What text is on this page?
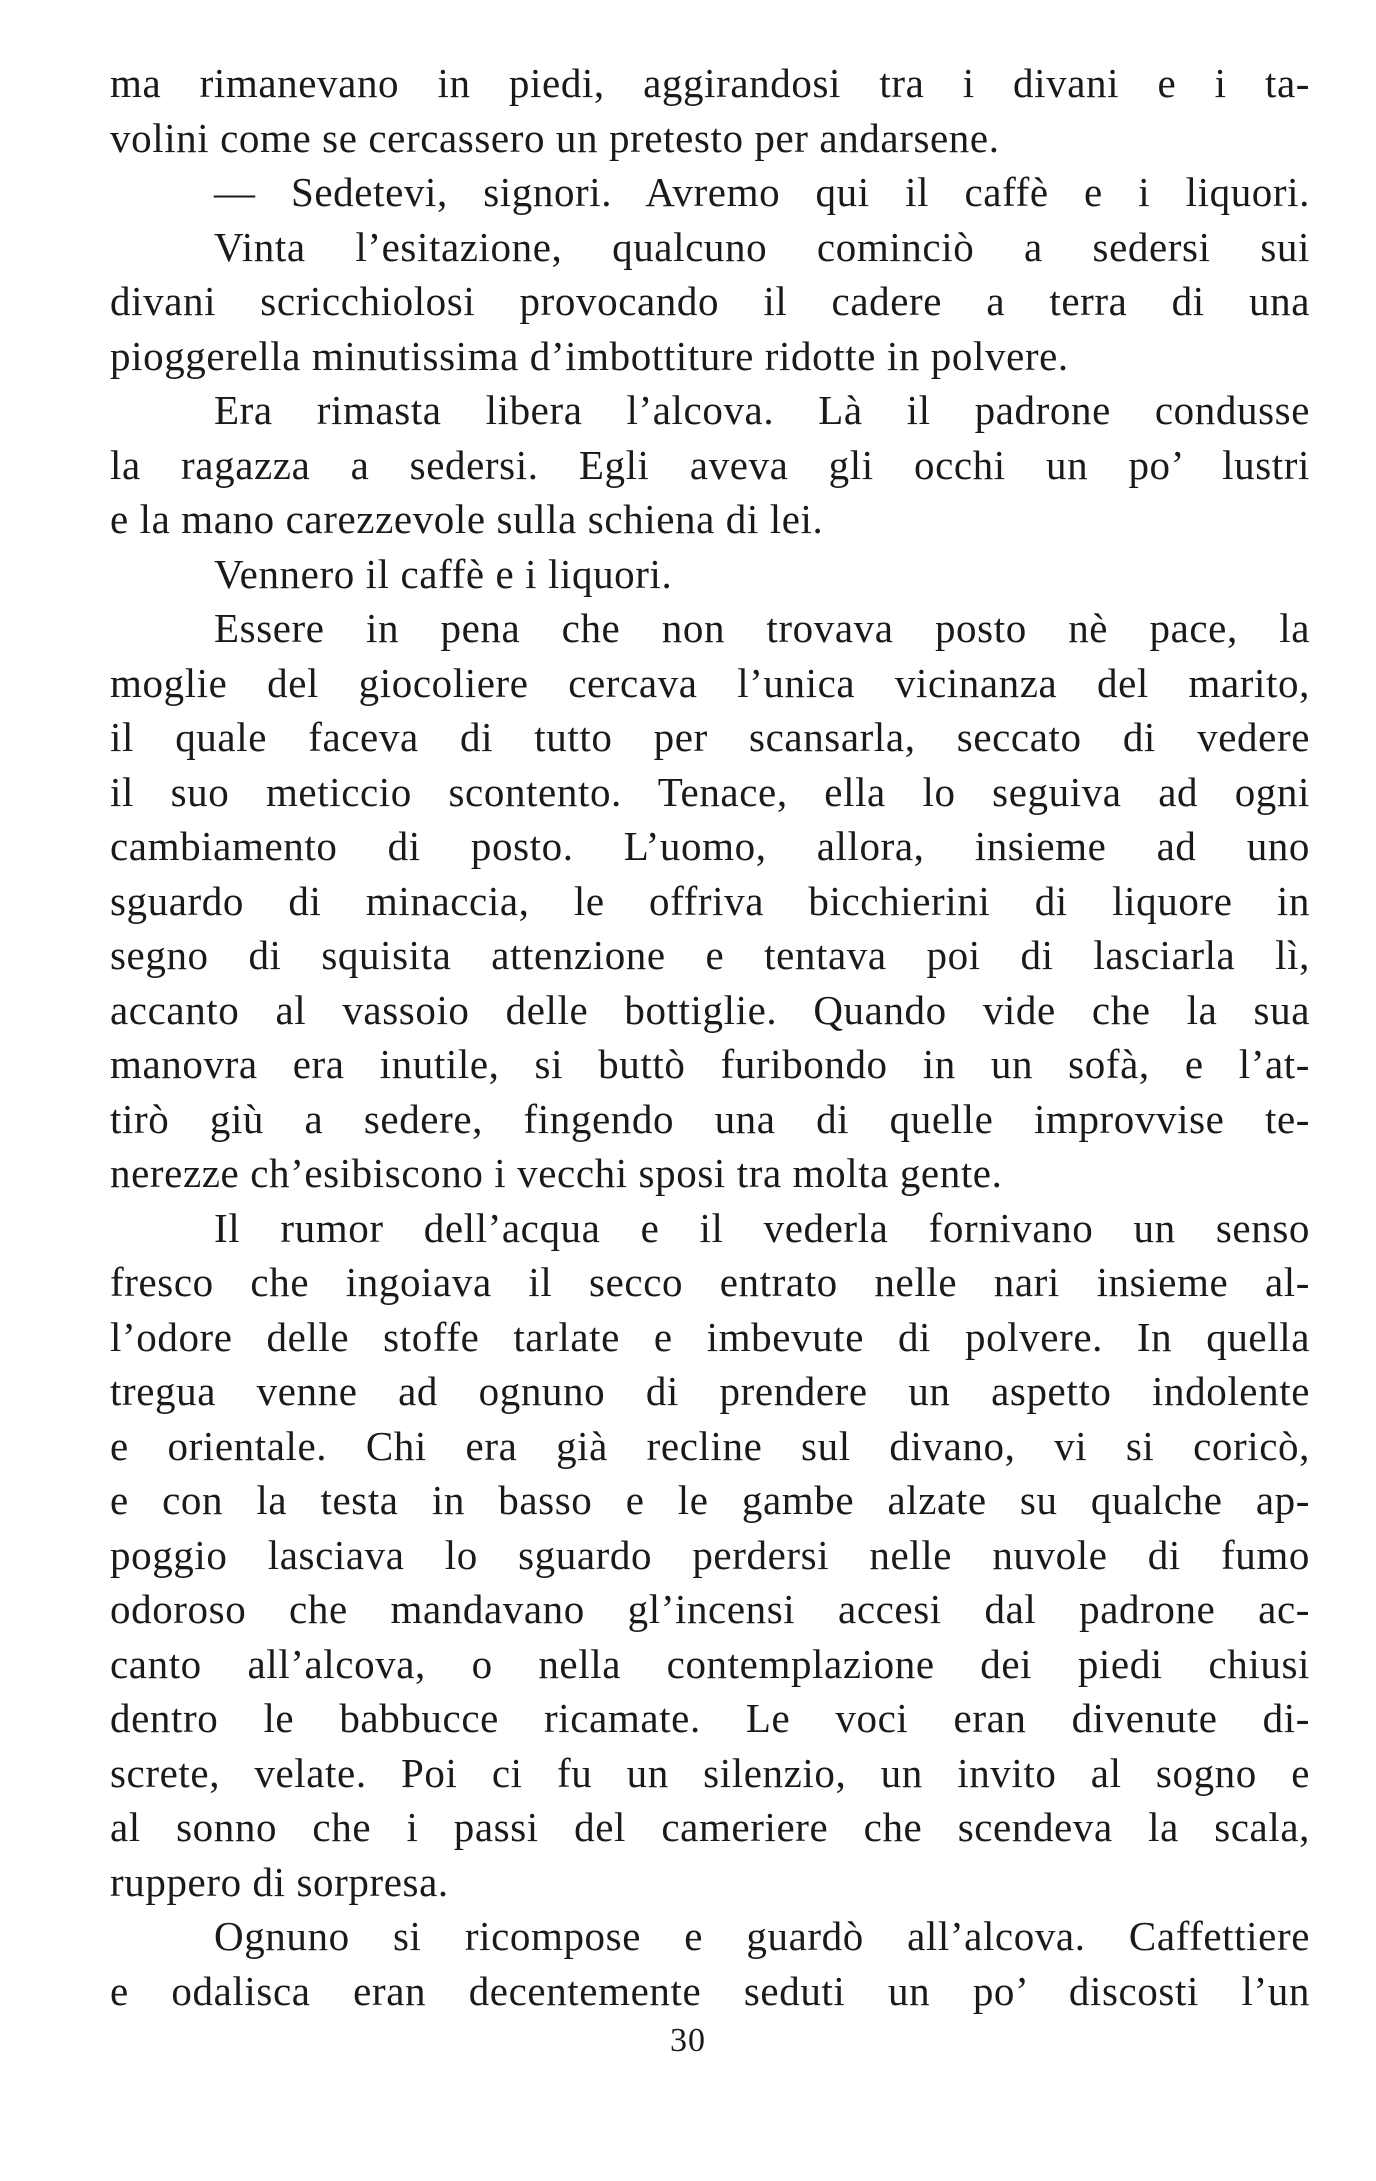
ma rimanevano in piedi, aggirandosi tra i divani e i ta-
volini come se cercassero un pretesto per andarsene.
— Sedetevi, signori. Avremo qui il caffè e i liquori.
Vinta l’esitazione, qualcuno cominciò a sedersi sui
divani scricchiolosi provocando il cadere a terra di una
pioggerella minutissima d’imbottiture ridotte in polvere.
Era rimasta libera l’alcova. Là il padrone condusse
la ragazza a sedersi. Egli aveva gli occhi un po’ lustri
e la mano carezzevole sulla schiena di lei.
Vennero il caffè e i liquori.
Essere in pena che non trovava posto nè pace, la
moglie del giocoliere cercava l’unica vicinanza del marito,
il quale faceva di tutto per scansarla, seccato di vedere
il suo meticcio scontento. Tenace, ella lo seguiva ad ogni
cambiamento di posto. L’uomo, allora, insieme ad uno
sguardo di minaccia, le offriva bicchierini di liquore in
segno di squisita attenzione e tentava poi di lasciarla lì,
accanto al vassoio delle bottiglie. Quando vide che la sua
manovra era inutile, si buttò furibondo in un sofà, e l’at-
tirò giù a sedere, fingendo una di quelle improvvise te-
nerezze ch’esibiscono i vecchi sposi tra molta gente.
Il rumor dell’acqua e il vederla fornivano un senso
fresco che ingoiava il secco entrato nelle nari insieme al-
l’odore delle stoffe tarlate e imbevute di polvere. In quella
tregua venne ad ognuno di prendere un aspetto indolente
e orientale. Chi era già recline sul divano, vi si coricò,
e con la testa in basso e le gambe alzate su qualche ap-
poggio lasciava lo sguardo perdersi nelle nuvole di fumo
odoroso che mandavano gl’incensi accesi dal padrone ac-
canto all’alcova, o nella contemplazione dei piedi chiusi
dentro le babbucce ricamate. Le voci eran divenute di-
screte, velate. Poi ci fu un silenzio, un invito al sogno e
al sonno che i passi del cameriere che scendeva la scala,
ruppero di sorpresa.
Ognuno si ricompose e guardò all’alcova. Caffettiere
e odalisca eran decentemente seduti un po’ discosti l’un
30
